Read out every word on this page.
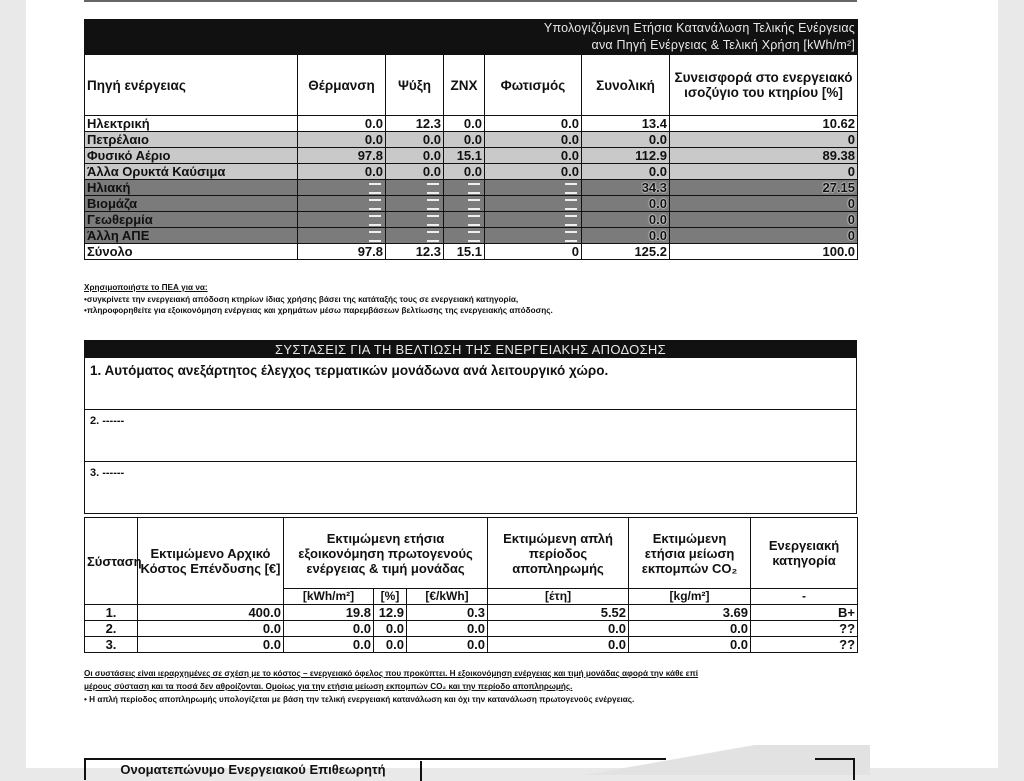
Υπολογιζόμενη Ετήσια Κατανάλωση Τελικής Ενέργειας
ανα Πηγή Ενέργειας & Τελική Χρήση [kWh/m²]						

Πηγή ενέργειας	Θέρμανση	Ψύξη	ZNX	Φωτισμός	Συνολική	Συνεισφορά στο ενεργειακό ισοζύγιο του κτηρίου [%]
Ηλεκτρική	0.0	12.3	0.0	0.0	13.4	10.62
Πετρέλαιο	0.0	0.0	0.0	0.0	0.0	0
Φυσικό Αέριο	97.8	0.0	15.1	0.0	112.9	89.38
Άλλα Ορυκτά Καύσιμα	0.0	0.0	0.0	0.0	0.0	0
Ηλιακή					34.3	27.15
Βιομάζα					0.0	0
Γεωθερμία					0.0	0
Άλλη ΑΠΕ					0.0	0
Σύνολο	97.8	12.3	15.1	0	125.2	100.0
Χρησιμοποιήστε το ΠΕΑ για να:
•συγκρίνετε την ενεργειακή απόδοση κτηρίων ίδιας χρήσης βάσει της κατάταξής τους σε ενεργειακή κατηγορία,
•πληροφορηθείτε για εξοικονόμηση ενέργειας και χρημάτων μέσω παρεμβάσεων βελτίωσης της ενεργειακής απόδοσης.
ΣΥΣΤΑΣΕΙΣ ΓΙΑ ΤΗ ΒΕΛΤΙΩΣΗ ΤΗΣ ΕΝΕΡΓΕΙΑΚΗΣ ΑΠΟΔΟΣΗΣ
1. Αυτόματος ανεξάρτητος έλεγχος τερματικών μονάδωνα ανά λειτουργικό χώρο.
2. ------
3. ------
Σύσταση	Εκτιμώμενο Αρχικό Κόστος Επένδυσης [€]	Εκτιμώμενη ετήσια εξοικονόμηση πρωτογενούς ενέργειας & τιμή μονάδας			Εκτιμώμενη απλή περίοδος αποπληρωμής	Εκτιμώμενη ετήσια μείωση εκπομπών CO₂	Ενεργειακή κατηγορία
		[kWh/m²]	[%]	[€/kWh]	[έτη]	[kg/m²]	-
1.	400.0	19.8	12.9	0.3	5.52	3.69	B+
2.	0.0	0.0	0.0	0.0	0.0	0.0	??
3.	0.0	0.0	0.0	0.0	0.0	0.0	??
Οι συστάσεις είναι ιεραρχημένες σε σχέση με το κόστος – ενεργειακό όφελος που προκύπτει. Η εξοικονόμηση ενέργειας και τιμή μονάδας αφορά την κάθε επί
μέρους σύσταση και τα ποσά δεν αθροίζονται. Ομοίως για την ετήσια μείωση εκπομπών CO₂ και την περίοδο αποπληρωμής.
• Η απλή περίοδος αποπληρωμής υπολογίζεται με βάση την τελική ενεργειακή κατανάλωση και όχι την κατανάλωση πρωτογενούς ενέργειας.
Ονοματεπώνυμο Ενεργειακού Επιθεωρητή
